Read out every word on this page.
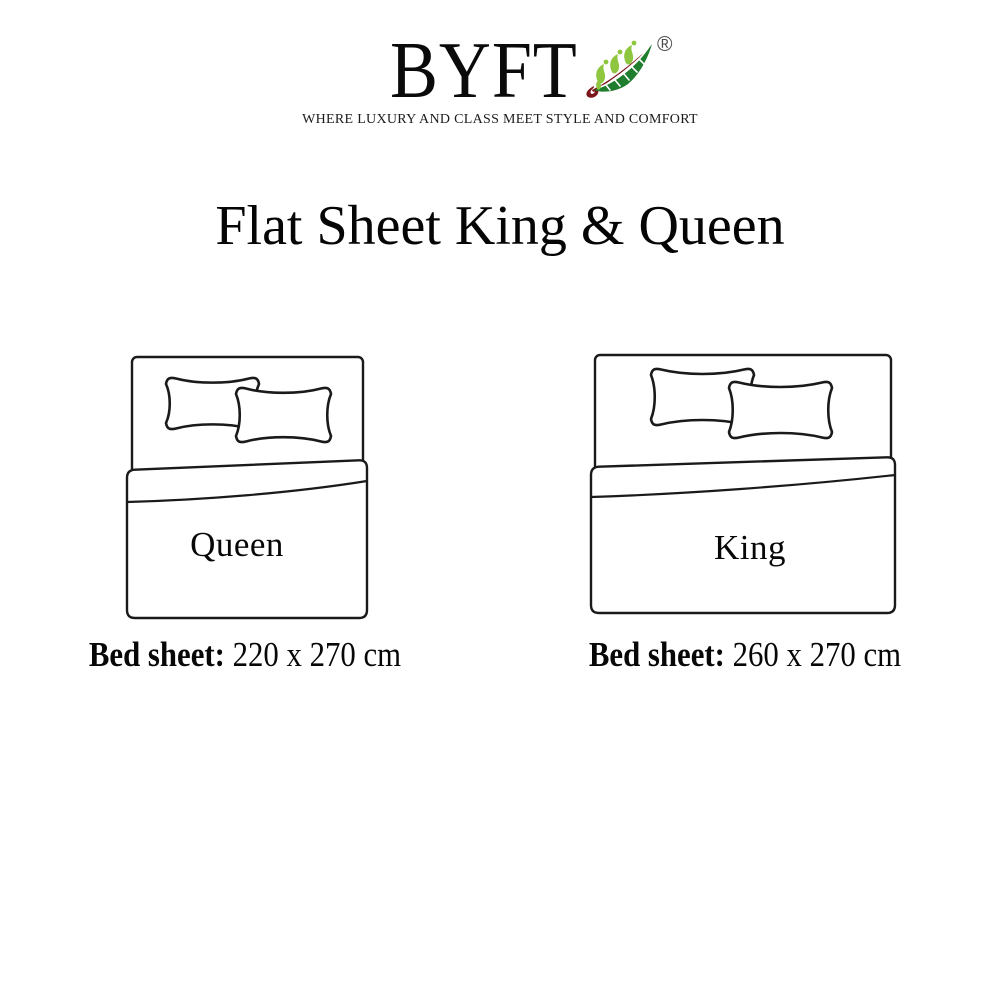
BYFT	®
WHERE LUXURY AND CLASS MEET STYLE AND COMFORT
Flat Sheet King & Queen
Queen	King
Bed sheet: 220 x 270 cm	Bed sheet: 260 x 270 cm
